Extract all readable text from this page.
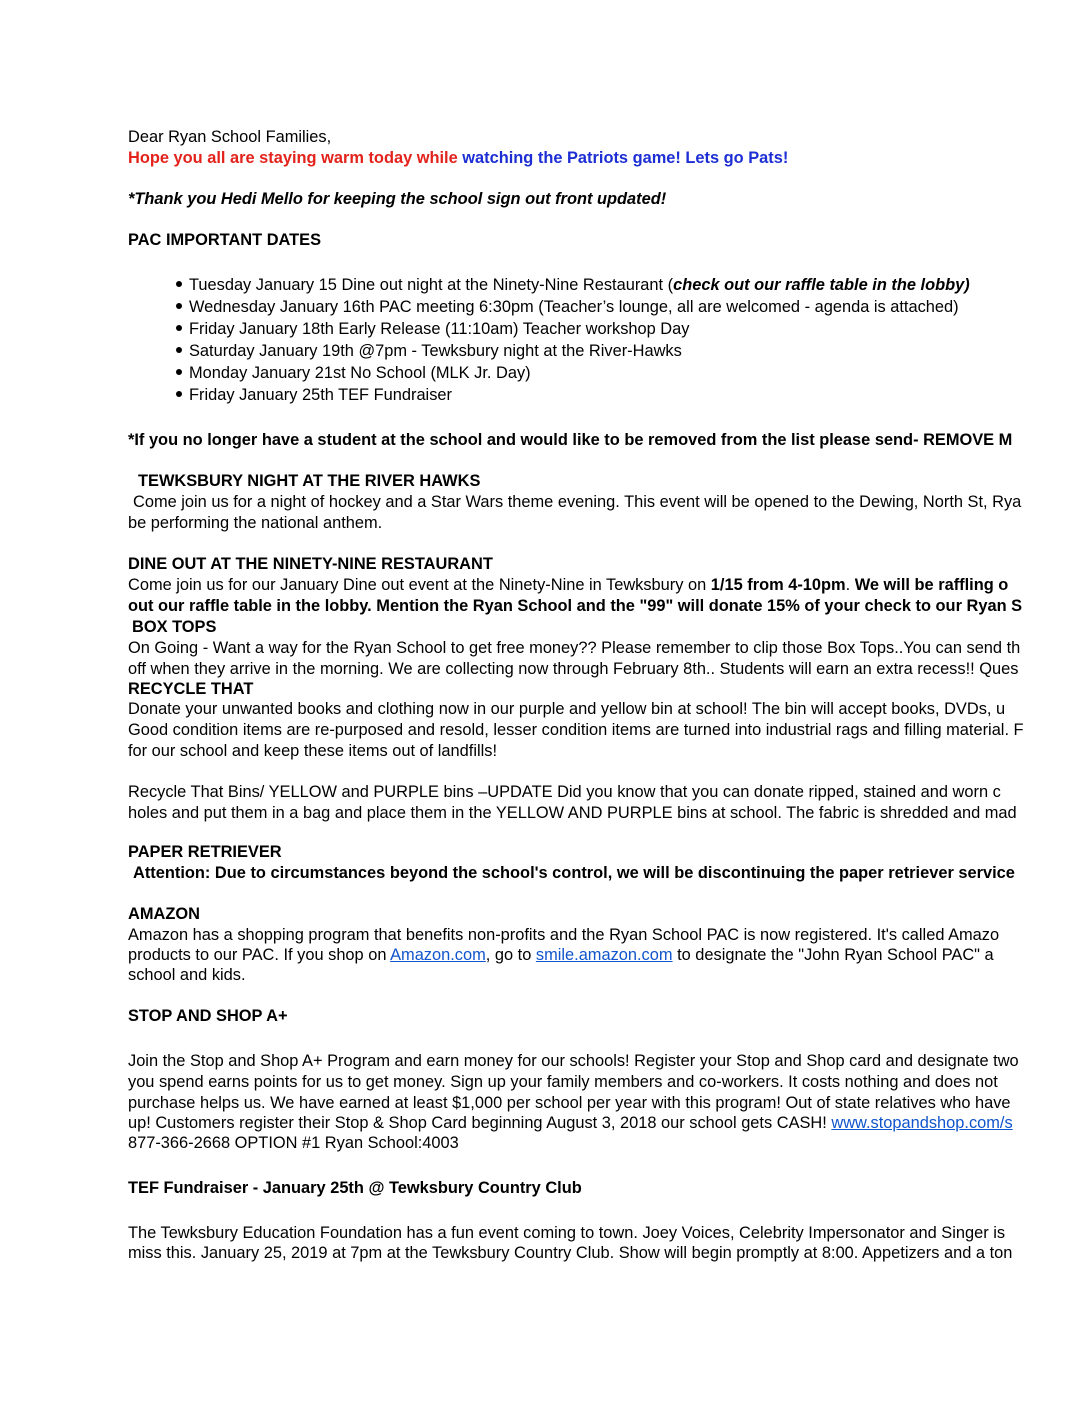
Dear Ryan School Families,
Hope you all are staying warm today while watching the Patriots game! Lets go Pats!
*Thank you Hedi Mello for keeping the school sign out front updated!
PAC IMPORTANT DATES
Tuesday January 15 Dine out night at the Ninety-Nine Restaurant (check out our raffle table in the lobby)
Wednesday January 16th PAC meeting 6:30pm (Teacher’s lounge, all are welcomed - agenda is attached)
Friday January 18th Early Release (11:10am) Teacher workshop Day
Saturday January 19th @7pm - Tewksbury night at the River-Hawks
Monday January 21st No School (MLK Jr. Day)
Friday January 25th TEF Fundraiser
*If you no longer have a student at the school and would like to be removed from the list please send- REMOVE M
TEWKSBURY NIGHT AT THE RIVER HAWKS
Come join us for a night of hockey and a Star Wars theme evening. This event will be opened to the Dewing, North St, Rya
be performing the national anthem.
DINE OUT AT THE NINETY-NINE RESTAURANT
Come join us for our January Dine out event at the Ninety-Nine in Tewksbury on 1/15 from 4-10pm. We will be raffling o
out our raffle table in the lobby. Mention the Ryan School and the "99" will donate 15% of your check to our Ryan S
BOX TOPS
On Going - Want a way for the Ryan School to get free money?? Please remember to clip those Box Tops..You can send th
off when they arrive in the morning. We are collecting now through February 8th.. Students will earn an extra recess!! Ques
RECYCLE THAT
Donate your unwanted books and clothing now in our purple and yellow bin at school! The bin will accept books, DVDs, u
Good condition items are re-purposed and resold, lesser condition items are turned into industrial rags and filling material. F
for our school and keep these items out of landfills!
Recycle That Bins/ YELLOW and PURPLE bins –UPDATE Did you know that you can donate ripped, stained and worn c
holes and put them in a bag and place them in the YELLOW AND PURPLE bins at school. The fabric is shredded and mad
PAPER RETRIEVER
Attention: Due to circumstances beyond the school's control, we will be discontinuing the paper retriever service
AMAZON
Amazon has a shopping program that benefits non-profits and the Ryan School PAC is now registered. It's called Amazo
products to our PAC. If you shop on Amazon.com, go to smile.amazon.com to designate the "John Ryan School PAC" a
school and kids.
STOP AND SHOP A+
Join the Stop and Shop A+ Program and earn money for our schools! Register your Stop and Shop card and designate two
you spend earns points for us to get money. Sign up your family members and co-workers. It costs nothing and does not
purchase helps us. We have earned at least $1,000 per school per year with this program! Out of state relatives who have
up! Customers register their Stop & Shop Card beginning August 3, 2018 our school gets CASH! www.stopandshop.com/s
877-366-2668 OPTION #1 Ryan School:4003
TEF Fundraiser - January 25th @ Tewksbury Country Club
The Tewksbury Education Foundation has a fun event coming to town. Joey Voices, Celebrity Impersonator and Singer is
miss this. January 25, 2019 at 7pm at the Tewksbury Country Club. Show will begin promptly at 8:00. Appetizers and a ton
